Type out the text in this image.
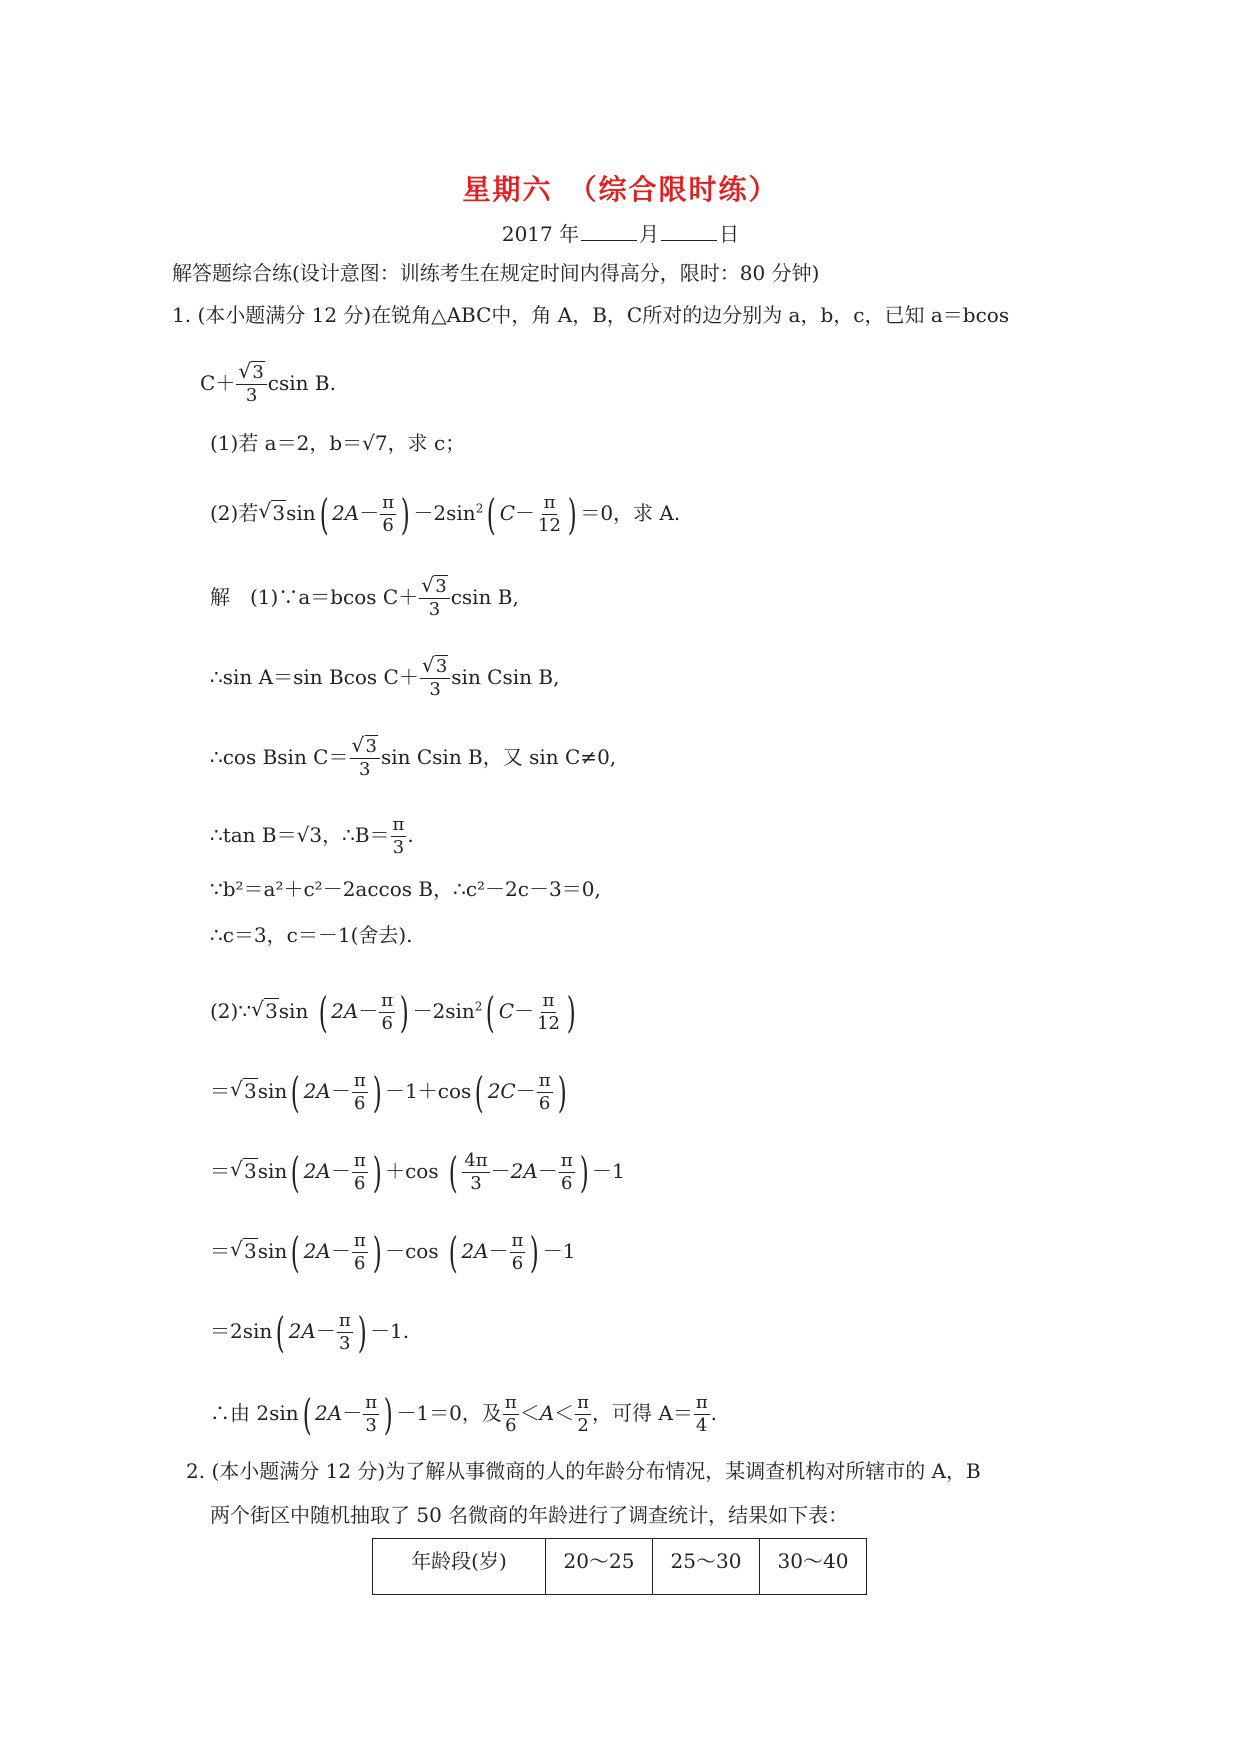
星期六　（综合限时练）
2017 年	月	日
解答题综合练(设计意图：训练考生在规定时间内得高分，限时：80 分钟)
1. (本小题满分 12 分)在锐角△ABC中，角 A，B，C所对的边分别为 a，b，c，已知 a＝bcos
C＋ √ $\frac{3}{3}$ csin B.
(1)若 a＝2，b＝√7，求 c；
(2)若 √ 3sin( $2A- \frac{\pi}{6}$ ) $-2\sin^2$( $C- \frac{\pi}{12}$ ) ＝0，求 A.
解　(1)∵a＝bcos C＋ √ $\frac{3}{3}$ csin B,
∴sin A＝sin Bcos C＋ √ $\frac{3}{3}$ sin Csin B,
∴cos Bsin C＝ √ $\frac{3}{3}$ sin Csin B，又 sin C≠0,
∴tan B＝√3，∴B＝ $\frac{\pi}{3}$ .
∵b²＝a²＋c²－2accos B，∴c²－2c－3＝0,
∴c＝3，c＝－1(舍去).
(2)∵ √ 3sin ( $2A- \frac{\pi}{6}$ ) $-2\sin^2$( $C- \frac{\pi}{12}$ )
＝ √ 3sin( $2A- \frac{\pi}{6}$ ) －1＋cos( $2C- \frac{\pi}{6}$ )
＝ √ 3sin( $2A- \frac{\pi}{6}$ ) ＋cos ( $\frac{4\pi}{3} -2A- \frac{\pi}{6}$ ) －1
＝ √ 3sin( $2A- \frac{\pi}{6}$ ) －cos ( $2A- \frac{\pi}{6}$ ) －1
＝2sin( $2A- \frac{\pi}{3}$ ) －1.
∴由 2sin( $2A- \frac{\pi}{3}$ ) －1＝0，及 $\frac{\pi}{6} <A< \frac{\pi}{2}$ ，可得 $A= \frac{\pi}{4}$ .
2. (本小题满分 12 分)为了解从事微商的人的年龄分布情况，某调查机构对所辖市的 A，B
两个街区中随机抽取了 50 名微商的年龄进行了调查统计，结果如下表：
年龄段(岁)	20～25	25～30	30～40
